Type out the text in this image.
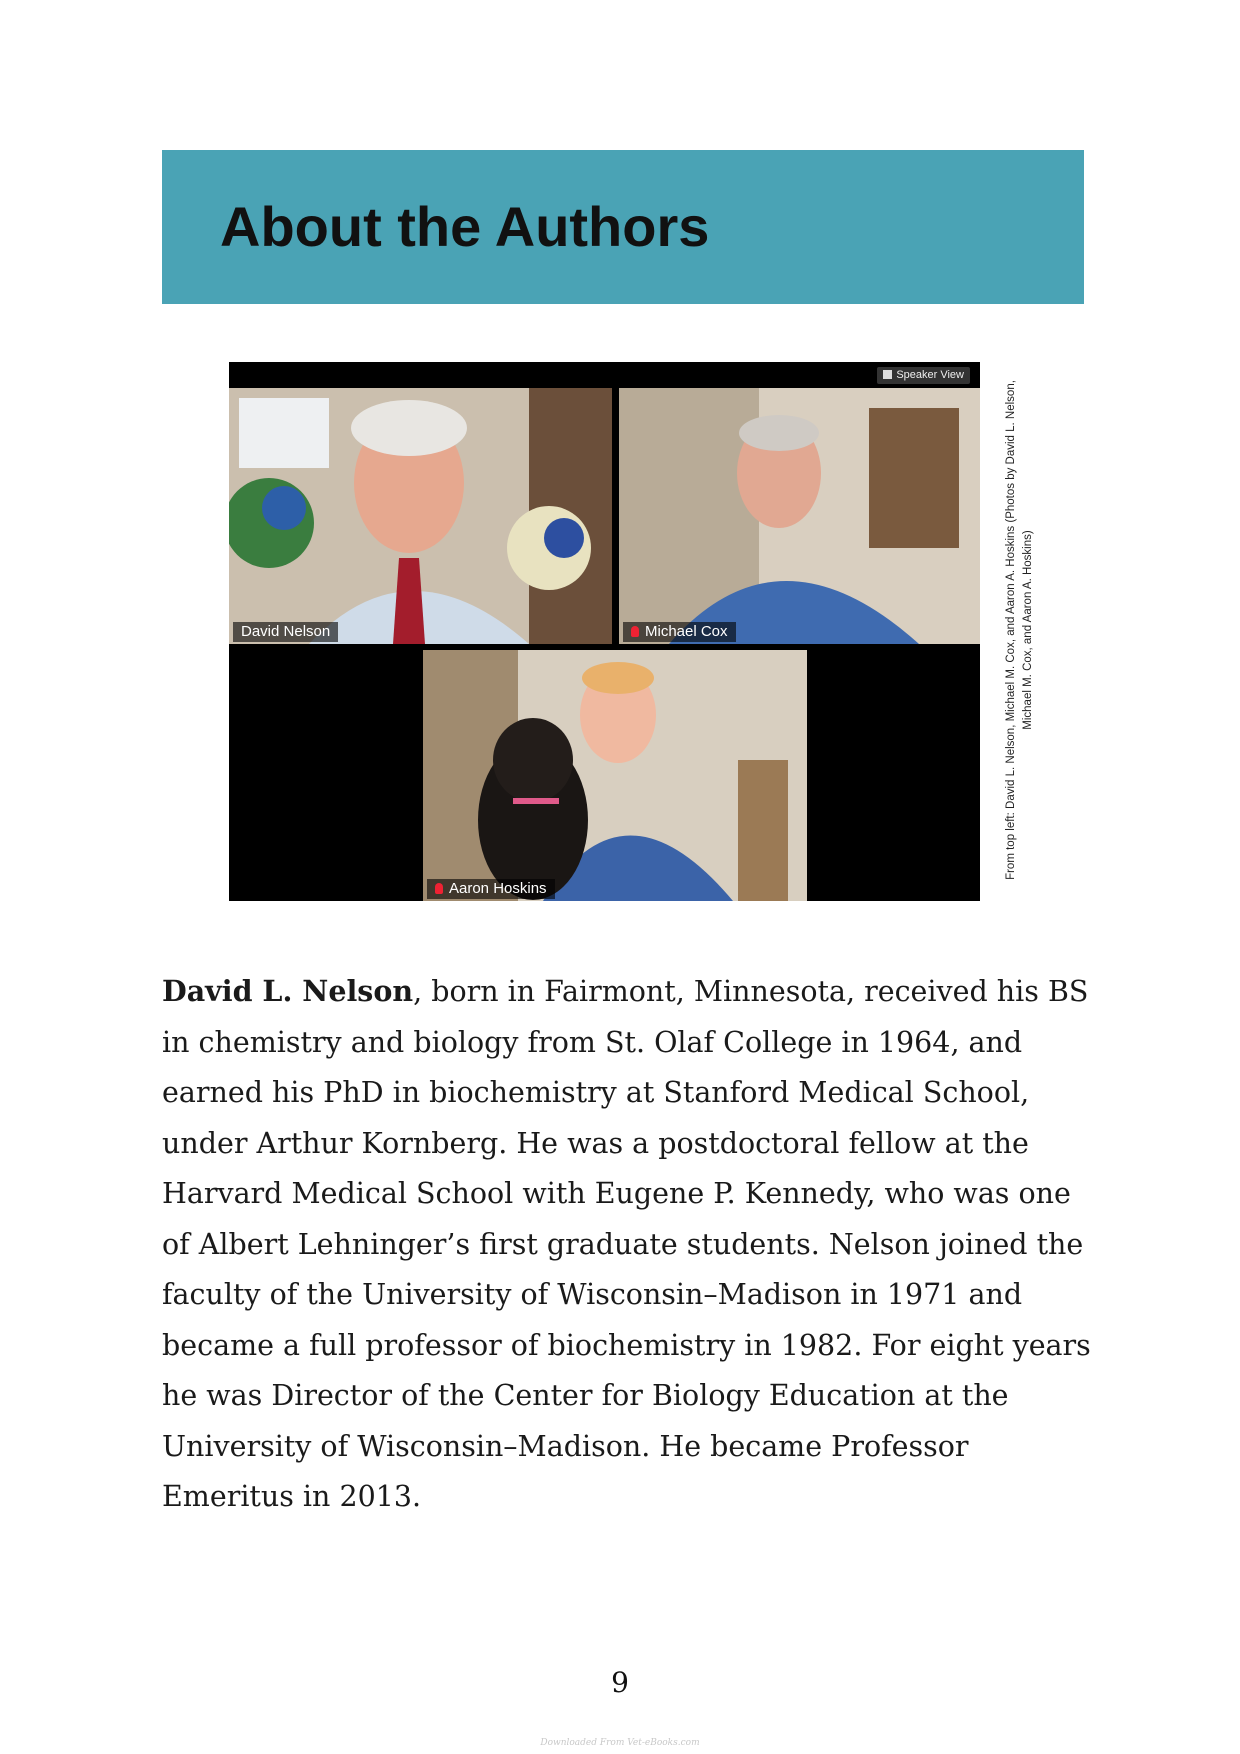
About the Authors
Speaker View
David Nelson	Michael Cox
Aaron Hoskins

From top left: David L. Nelson, Michael M. Cox, and Aaron A. Hoskins (Photos by David L. Nelson, Michael M. Cox, and Aaron A. Hoskins)

David L. Nelson, born in Fairmont, Minnesota, received his BS in chemistry and biology from St. Olaf College in 1964, and earned his PhD in biochemistry at Stanford Medical School, under Arthur Kornberg. He was a postdoctoral fellow at the Harvard Medical School with Eugene P. Kennedy, who was one of Albert Lehninger’s first graduate students. Nelson joined the faculty of the University of Wisconsin–Madison in 1971 and became a full professor of biochemistry in 1982. For eight years he was Director of the Center for Biology Education at the University of Wisconsin–Madison. He became Professor Emeritus in 2013.

9
Downloaded From Vet-eBooks.com
